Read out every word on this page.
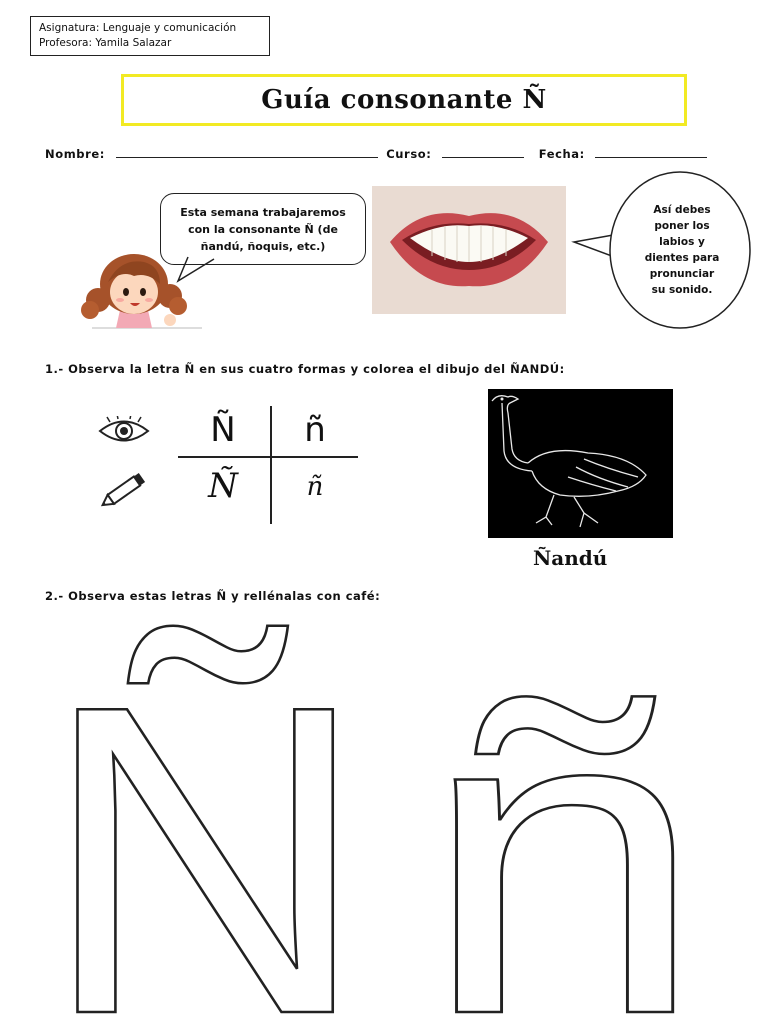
Asignatura: Lenguaje y comunicación
Profesora: Yamila Salazar
Guía consonante Ñ
Nombre:	Curso:	Fecha:
Esta semana trabajaremos
con la consonante Ñ (de
ñandú, ñoquis, etc.)
Así debes
poner los
labios y
dientes para
pronunciar
su sonido.
1.- Observa la letra Ñ en sus cuatro formas y colorea el dibujo del ÑANDÚ:
Ñ	ñ
Ñ	ñ
Ñandú
2.- Observa estas letras Ñ y rellénalas con café:
Ñ ñ
